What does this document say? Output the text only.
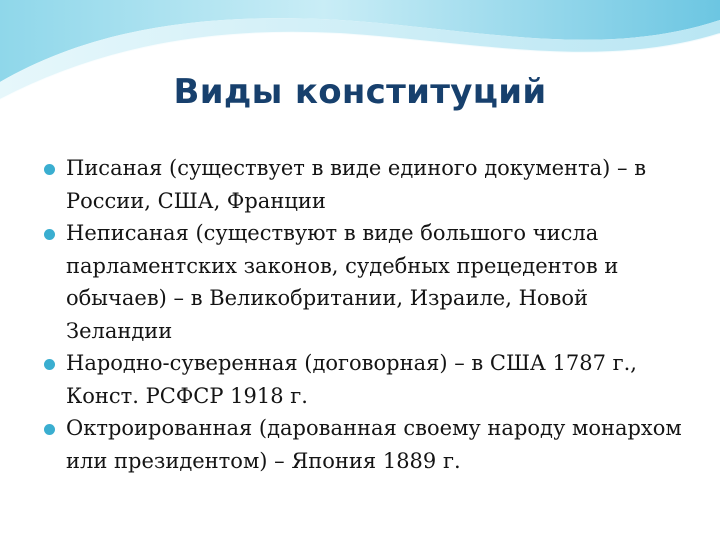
Виды конституций
Писаная (существует в виде единого документа) – в России, США, Франции
Неписаная (существуют в виде большого числа парламентских законов, судебных прецедентов и обычаев) – в Великобритании, Израиле, Новой Зеландии
Народно-суверенная (договорная) – в США 1787 г., Конст. РСФСР 1918 г.
Октроированная (дарованная своему народу монархом или президентом) – Япония 1889 г.
